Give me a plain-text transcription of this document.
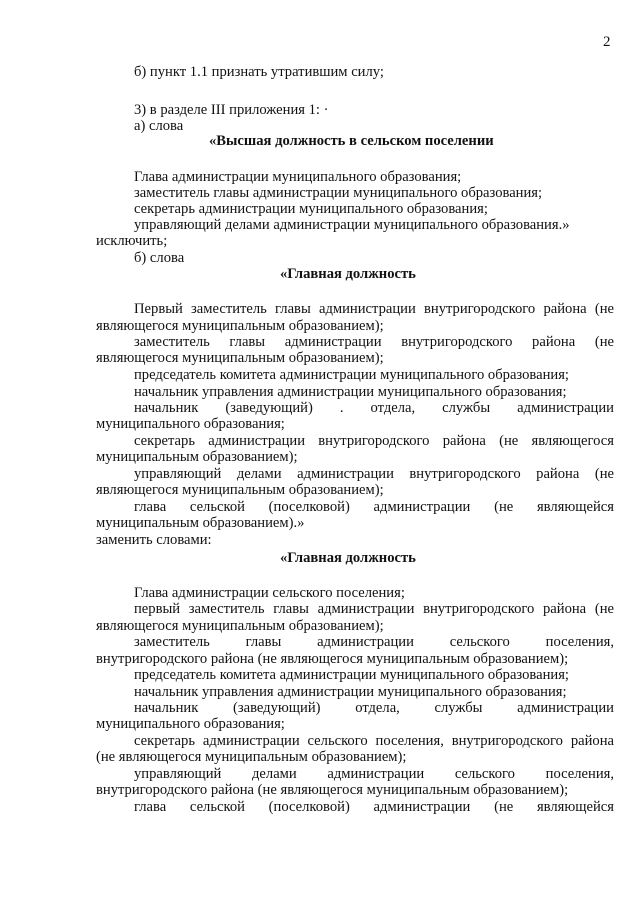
2

б) пункт 1.1 признать утратившим силу;

3) в разделе III приложения 1: ·

а) слова

«Высшая должность в сельском поселении

Глава администрации муниципального образования;

заместитель главы администрации муниципального образования;

секретарь администрации муниципального образования;

управляющий делами администрации муниципального образования.»

исключить;

б) слова

«Главная должность

Первый заместитель главы администрации внутригородского района (не

являющегося муниципальным образованием);

заместитель главы администрации внутригородского района (не

являющегося муниципальным образованием);

председатель комитета администрации муниципального образования;

начальник управления администрации муниципального образования;

начальник (заведующий) . отдела, службы администрации

муниципального образования;

секретарь администрации внутригородского района (не являющегося

муниципальным образованием);

управляющий делами администрации внутригородского района (не

являющегося муниципальным образованием);

глава сельской (поселковой) администрации (не являющейся

муниципальным образованием).»

заменить словами:

«Главная должность

Глава администрации сельского поселения;

первый заместитель главы администрации внутригородского района (не

являющегося муниципальным образованием);

заместитель главы администрации сельского поселения,

внутригородского района (не являющегося муниципальным образованием);

председатель комитета администрации муниципального образования;

начальник управления администрации муниципального образования;

начальник (заведующий) отдела, службы администрации

муниципального образования;

секретарь администрации сельского поселения, внутригородского района

(не являющегося муниципальным образованием);

управляющий делами администрации сельского поселения,

внутригородского района (не являющегося муниципальным образованием);

глава сельской (поселковой) администрации (не являющейся
